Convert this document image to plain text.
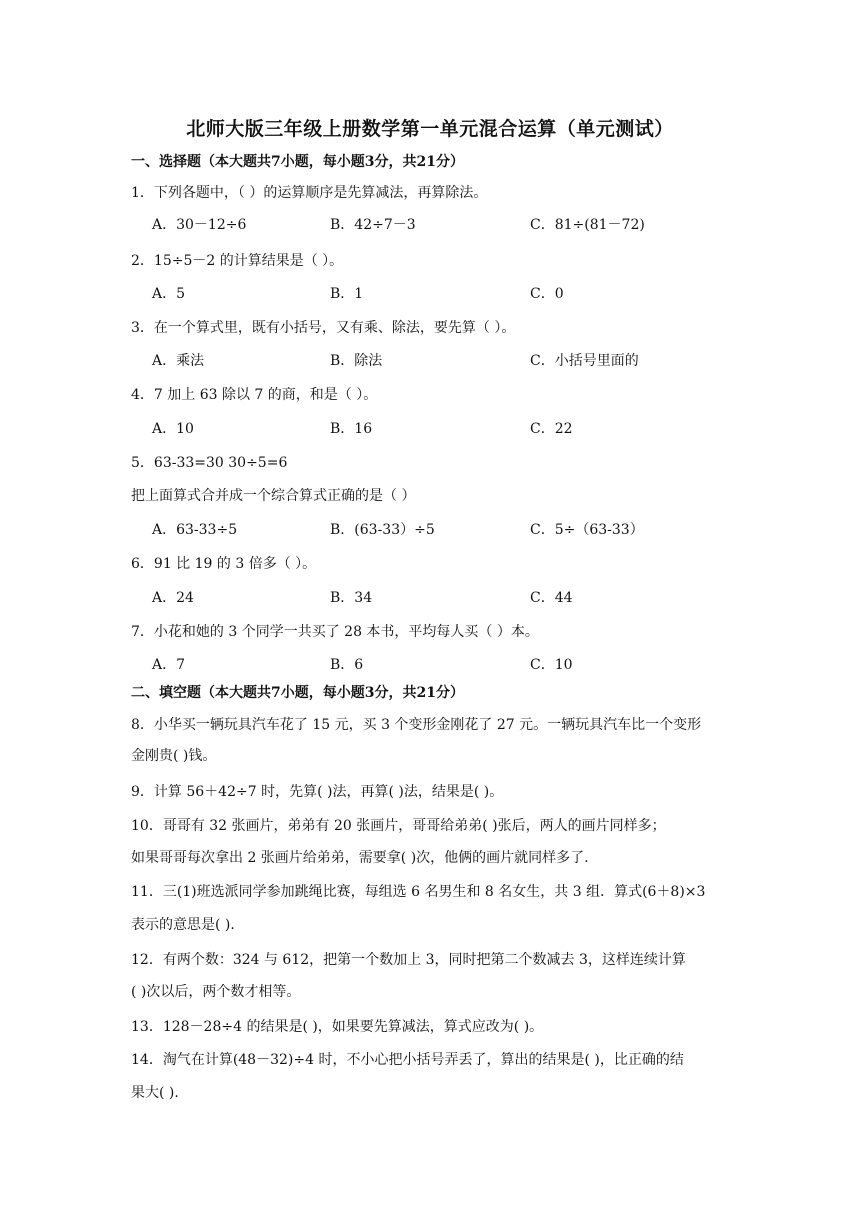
北师大版三年级上册数学第一单元混合运算（单元测试）
一、选择题（本大题共7小题，每小题3分，共21分）
1．下列各题中，（ ）的运算顺序是先算减法，再算除法。
A．30－12÷6	B．42÷7－3	C．81÷(81－72)
2．15÷5－2 的计算结果是（ ）。
A．5	B．1	C．0
3．在一个算式里，既有小括号，又有乘、除法，要先算（ ）。
A．乘法	B．除法	C．小括号里面的
4．7 加上 63 除以 7 的商，和是（ ）。
A．10	B．16	C．22
5．63-33=30 30÷5=6
把上面算式合并成一个综合算式正确的是（ ）
A．63-33÷5	B．(63-33）÷5	C．5÷（63-33）
6．91 比 19 的 3 倍多（ ）。
A．24	B．34	C．44
7．小花和她的 3 个同学一共买了 28 本书，平均每人买（ ）本。
A．7	B．6	C．10
二、填空题（本大题共7小题，每小题3分，共21分）
8．小华买一辆玩具汽车花了 15 元，买 3 个变形金刚花了 27 元。一辆玩具汽车比一个变形
金刚贵( )钱。
9．计算 56＋42÷7 时，先算( )法，再算( )法，结果是( )。
10．哥哥有 32 张画片，弟弟有 20 张画片，哥哥给弟弟( )张后，两人的画片同样多；
如果哥哥每次拿出 2 张画片给弟弟，需要拿( )次，他俩的画片就同样多了.
11．三(1)班选派同学参加跳绳比赛，每组选 6 名男生和 8 名女生，共 3 组．算式(6＋8)×3
表示的意思是( ).
12．有两个数：324 与 612，把第一个数加上 3，同时把第二个数减去 3，这样连续计算
( )次以后，两个数才相等。
13．128－28÷4 的结果是( )，如果要先算减法，算式应改为( )。
14．淘气在计算(48－32)÷4 时，不小心把小括号弄丢了，算出的结果是( )，比正确的结
果大( ).
